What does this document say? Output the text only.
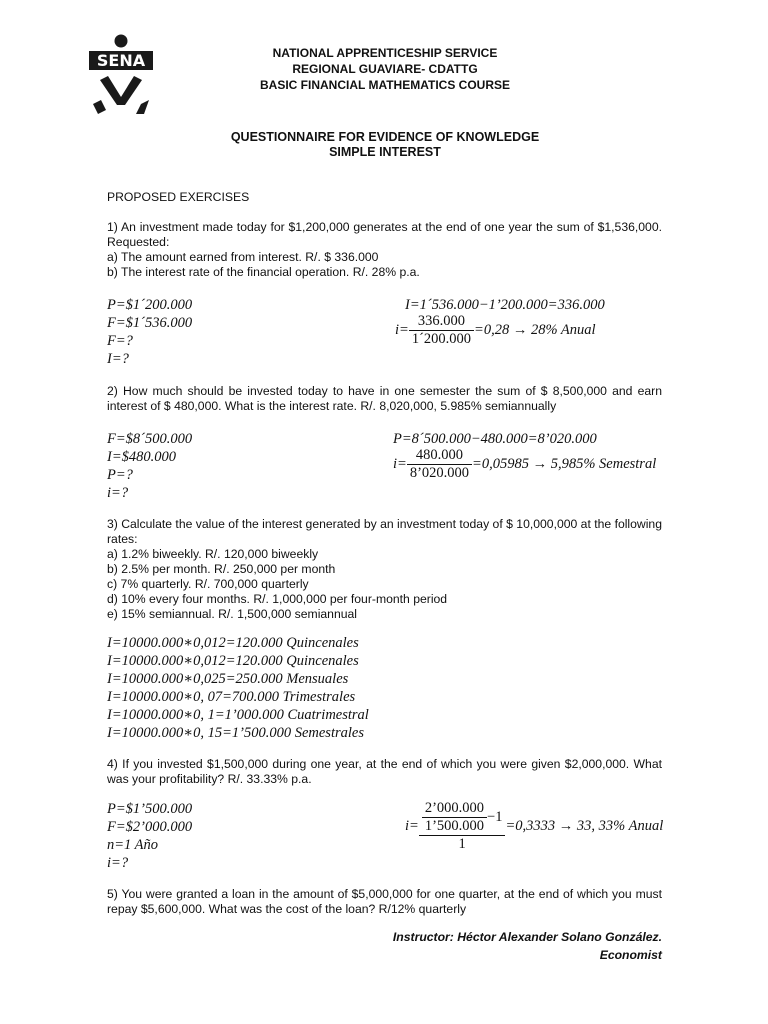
SENA	NATIONAL APPRENTICESHIP SERVICE
REGIONAL GUAVIARE- CDATTG
BASIC FINANCIAL MATHEMATICS COURSE
QUESTIONNAIRE FOR EVIDENCE OF KNOWLEDGE
SIMPLE INTEREST
PROPOSED EXERCISES

1) An investment made today for $1,200,000 generates at the end of one year the sum of $1,536,000. Requested:

a) The amount earned from interest. R/. $ 336.000

b) The interest rate of the financial operation. R/. 28% p.a.

P=$1´200.000
F=$1´536.000
F=?
I=?
I=1´536.000−1’200.000=336.000
$i= \frac{336.000}{1´200.000} =0,28 \to 28\%$ Anual

2) How much should be invested today to have in one semester the sum of $ 8,500,000 and earn interest of $ 480,000. What is the interest rate. R/. 8,020,000, 5.985% semiannually

F=$8´500.000
I=$480.000
P=?
i=?
P=8´500.000−480.000=8’020.000
$i= \frac{480.000}{8’020.000} =0,05985 \to 5,985\%$ Semestral

3) Calculate the value of the interest generated by an investment today of $ 10,000,000 at the following rates:

a) 1.2% biweekly. R/. 120,000 biweekly

b) 2.5% per month. R/. 250,000 per month

c) 7% quarterly. R/. 700,000 quarterly

d) 10% every four months. R/. 1,000,000 per four-month period

e) 15% semiannual. R/. 1,500,000 semiannual

I=10000.000∗0,012=120.000 Quincenales
I=10000.000∗0,012=120.000 Quincenales
I=10000.000∗0,025=250.000 Mensuales
I=10000.000∗0, 07=700.000 Trimestrales
I=10000.000∗0, 1=1’000.000 Cuatrimestral
I=10000.000∗0, 15=1’500.000 Semestrales

4) If you invested $1,500,000 during one year, at the end of which you were given $2,000,000. What was your profitability? R/. 33.33% p.a.

P=$1’500.000
F=$2’000.000
n=1 Año
i=?
$i= \frac{\frac{2’000.000}{1’500.000} -1}{1} =0,3333 \to 33$, 33% Anual

5) You were granted a loan in the amount of $5,000,000 for one quarter, at the end of which you must repay $5,600,000. What was the cost of the loan? R/12% quarterly

Instructor: Héctor Alexander Solano González.
Economist
